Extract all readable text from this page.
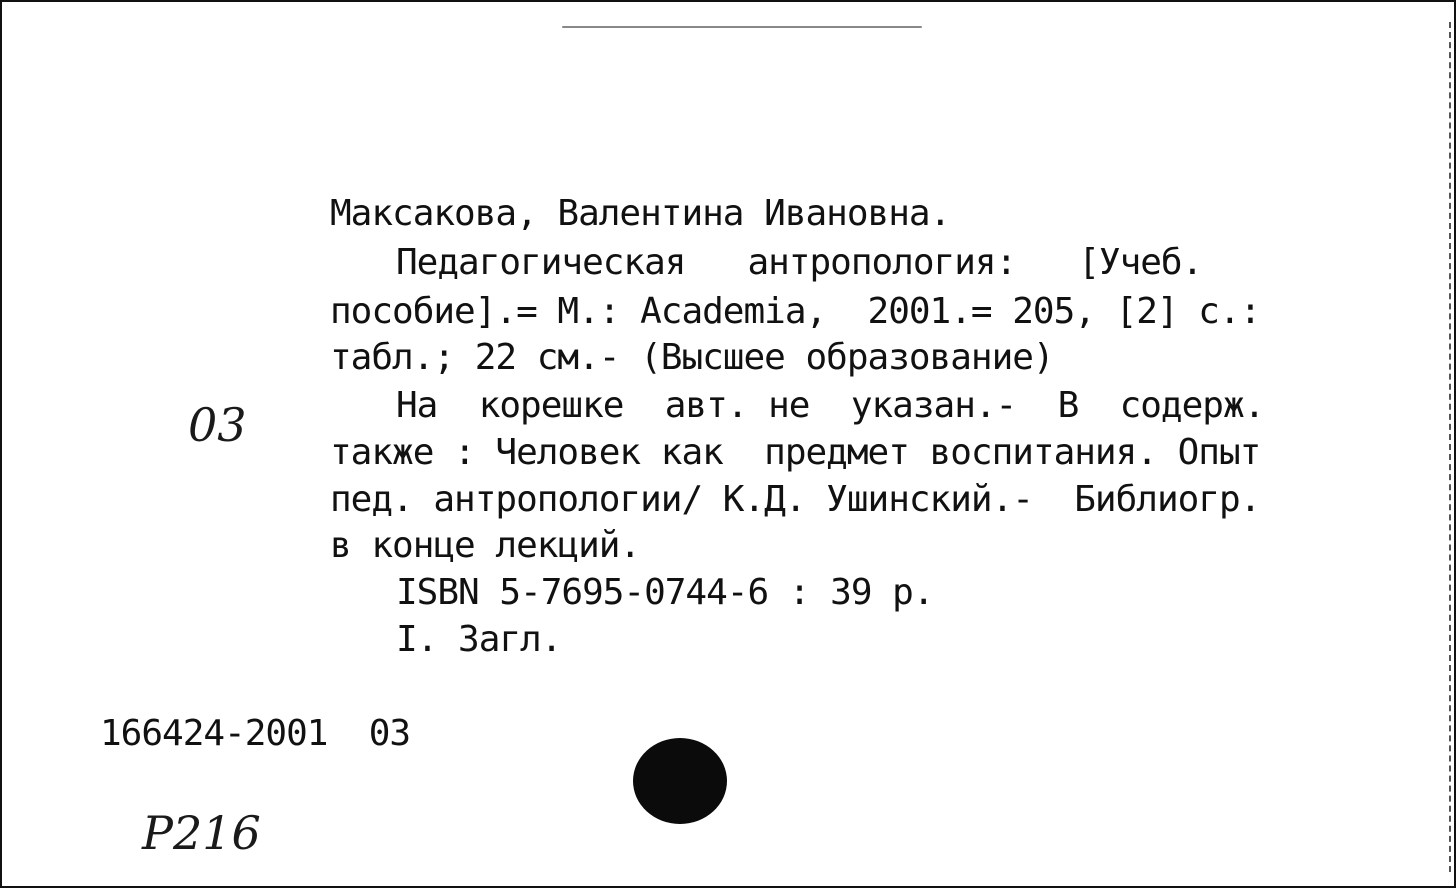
Максакова, Валентина Ивановна.
Педагогическая   антропология:   [Учеб.
пособие].= М.: Academia,  2001.= 205, [2] с.:
табл.; 22 см.- (Высшее образование)
На  корешке  авт. не  указан.-  В  содерж.
также : Человек как  предмет воспитания. Опыт
пед. антропологии/ К.Д. Ушинский.-  Библиогр.
в конце лекций.
ISBN 5-7695-0744-6 : 39 р.
I. Загл.
166424-2001  03
03
Р216
